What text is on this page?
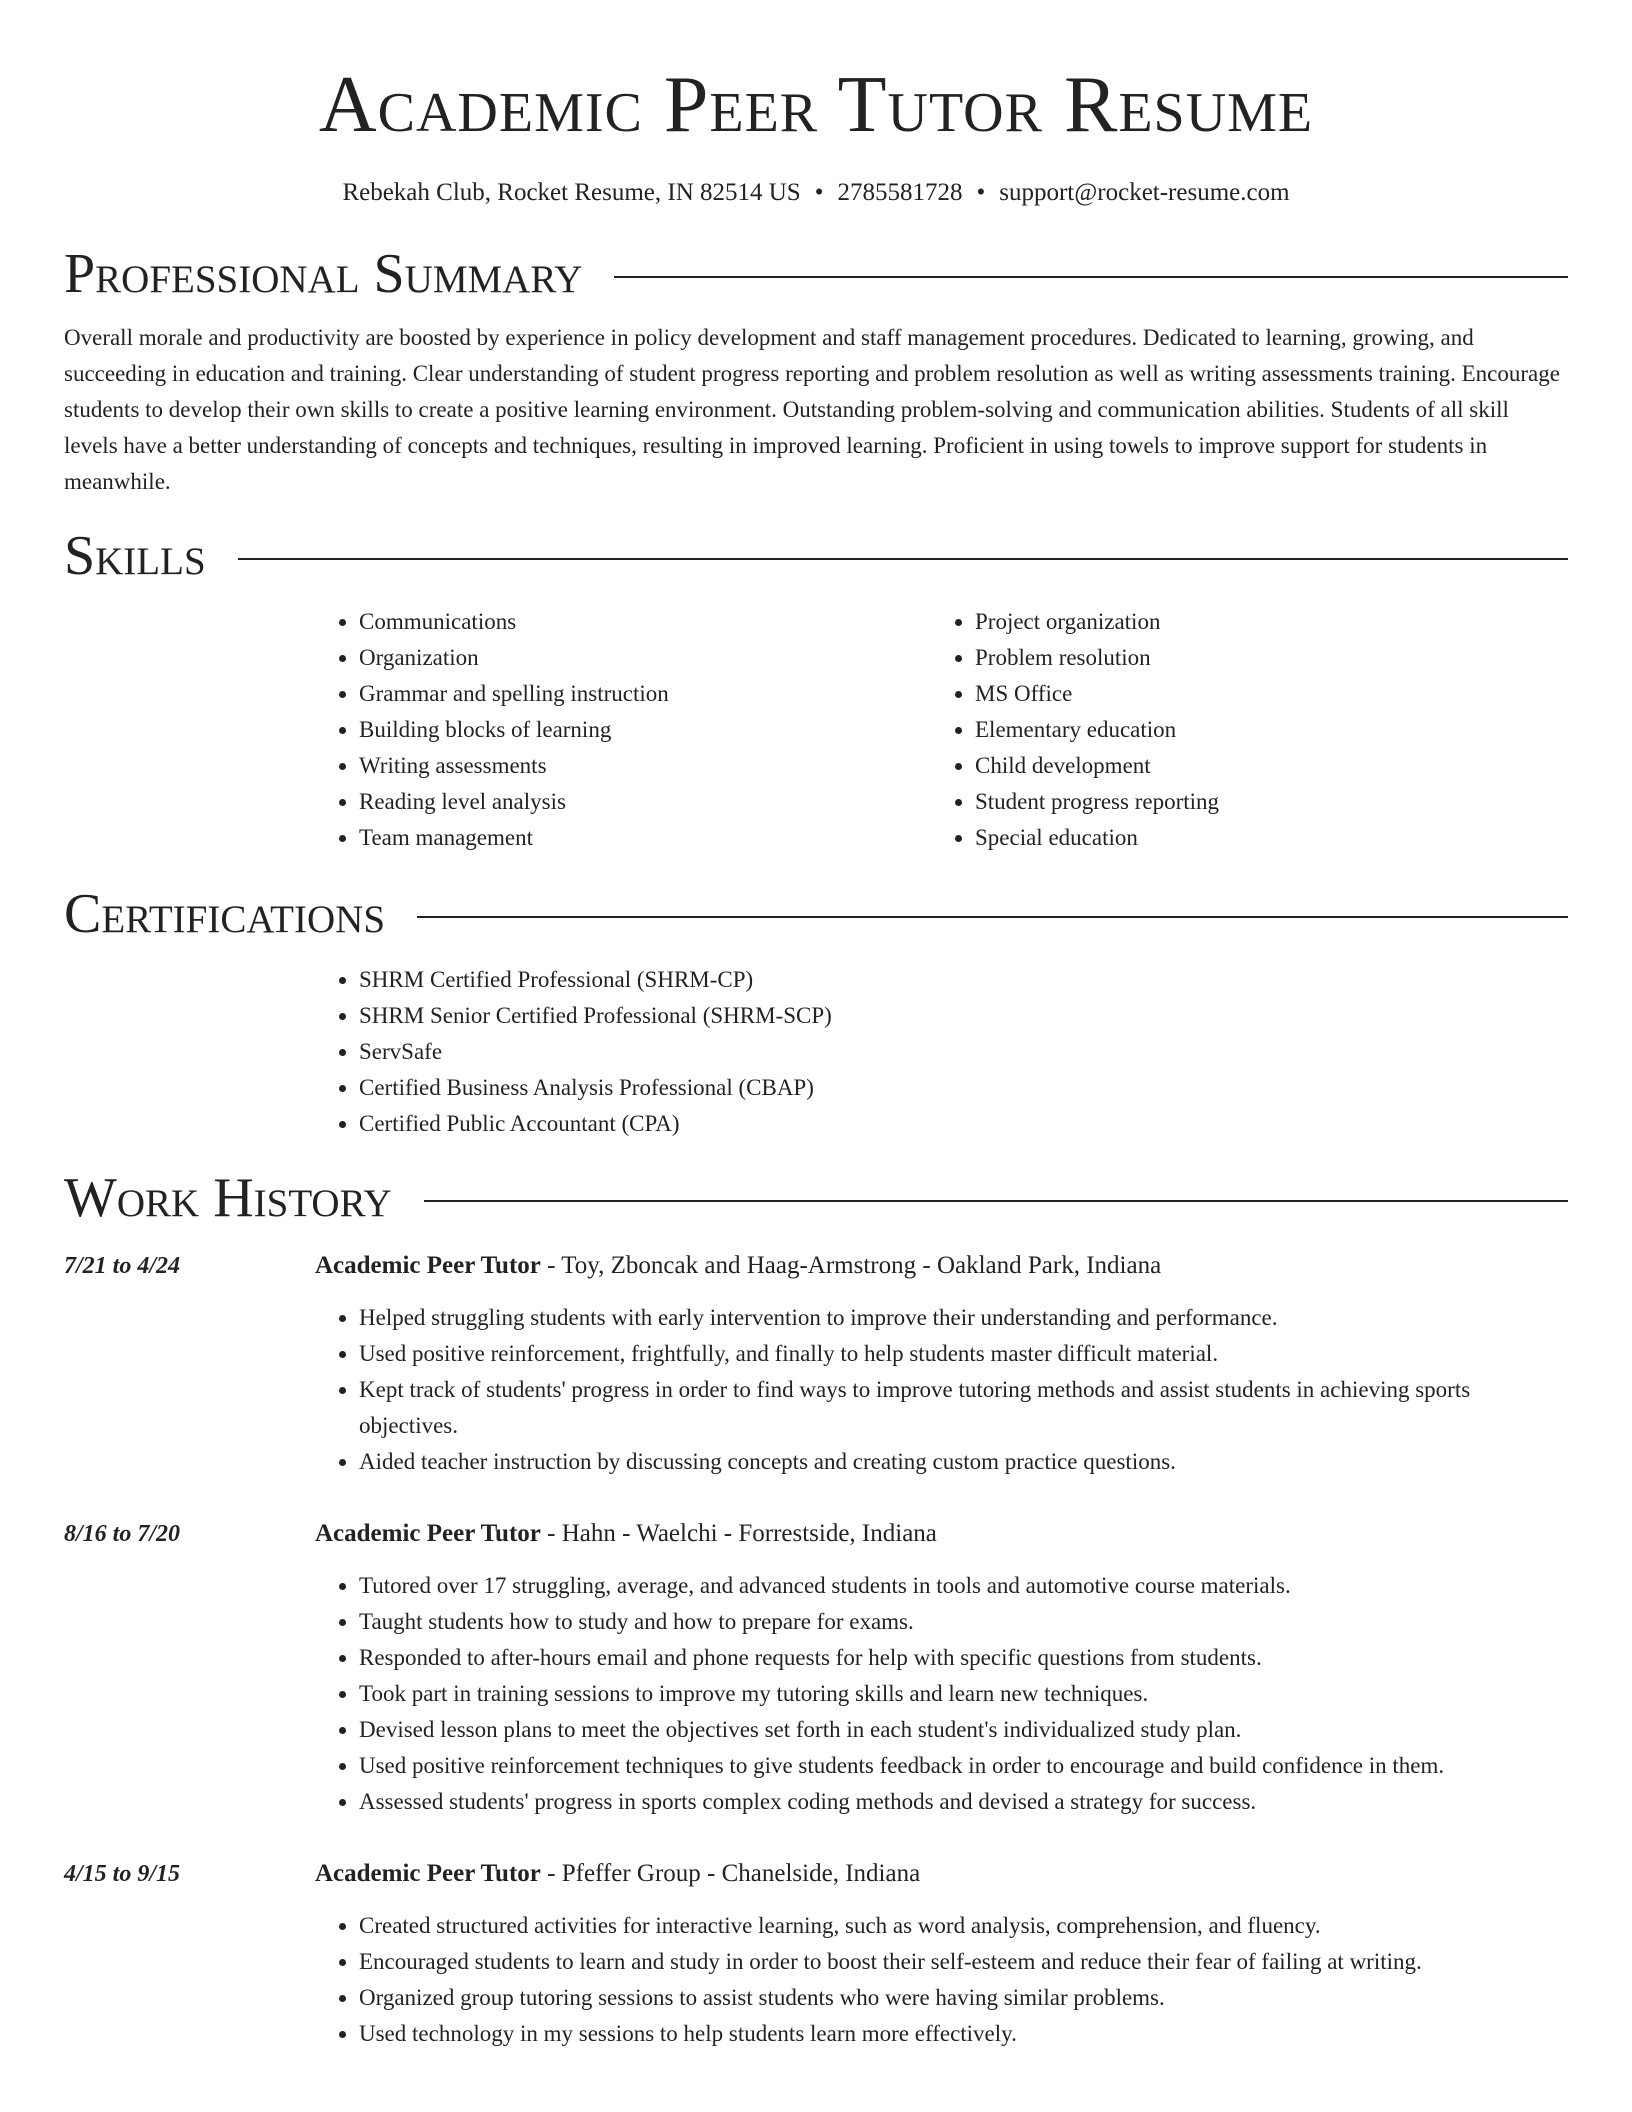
Academic Peer Tutor Resume
Rebekah Club, Rocket Resume, IN 82514 US • 2785581728 • support@rocket-resume.com
Professional Summary

Overall morale and productivity are boosted by experience in policy development and staff management procedures. Dedicated to learning, growing, and succeeding in education and training. Clear understanding of student progress reporting and problem resolution as well as writing assessments training. Encourage students to develop their own skills to create a positive learning environment. Outstanding problem-solving and communication abilities. Students of all skill levels have a better understanding of concepts and techniques, resulting in improved learning. Proficient in using towels to improve support for students in meanwhile.

Skills
• Communications
• Organization
• Grammar and spelling instruction
• Building blocks of learning
• Writing assessments
• Reading level analysis
• Team management
• Project organization
• Problem resolution
• MS Office
• Elementary education
• Child development
• Student progress reporting
• Special education
Certifications
• SHRM Certified Professional (SHRM-CP)
• SHRM Senior Certified Professional (SHRM-SCP)
• ServSafe
• Certified Business Analysis Professional (CBAP)
• Certified Public Accountant (CPA)
Work History
7/21 to 4/24	Academic Peer Tutor - Toy, Zboncak and Haag-Armstrong - Oakland Park, Indiana
• Helped struggling students with early intervention to improve their understanding and performance.
• Used positive reinforcement, frightfully, and finally to help students master difficult material.
• Kept track of students' progress in order to find ways to improve tutoring methods and assist students in achieving sports objectives.
• Aided teacher instruction by discussing concepts and creating custom practice questions.
8/16 to 7/20	Academic Peer Tutor - Hahn - Waelchi - Forrestside, Indiana
• Tutored over 17 struggling, average, and advanced students in tools and automotive course materials.
• Taught students how to study and how to prepare for exams.
• Responded to after-hours email and phone requests for help with specific questions from students.
• Took part in training sessions to improve my tutoring skills and learn new techniques.
• Devised lesson plans to meet the objectives set forth in each student's individualized study plan.
• Used positive reinforcement techniques to give students feedback in order to encourage and build confidence in them.
• Assessed students' progress in sports complex coding methods and devised a strategy for success.
4/15 to 9/15	Academic Peer Tutor - Pfeffer Group - Chanelside, Indiana
• Created structured activities for interactive learning, such as word analysis, comprehension, and fluency.
• Encouraged students to learn and study in order to boost their self-esteem and reduce their fear of failing at writing.
• Organized group tutoring sessions to assist students who were having similar problems.
• Used technology in my sessions to help students learn more effectively.
